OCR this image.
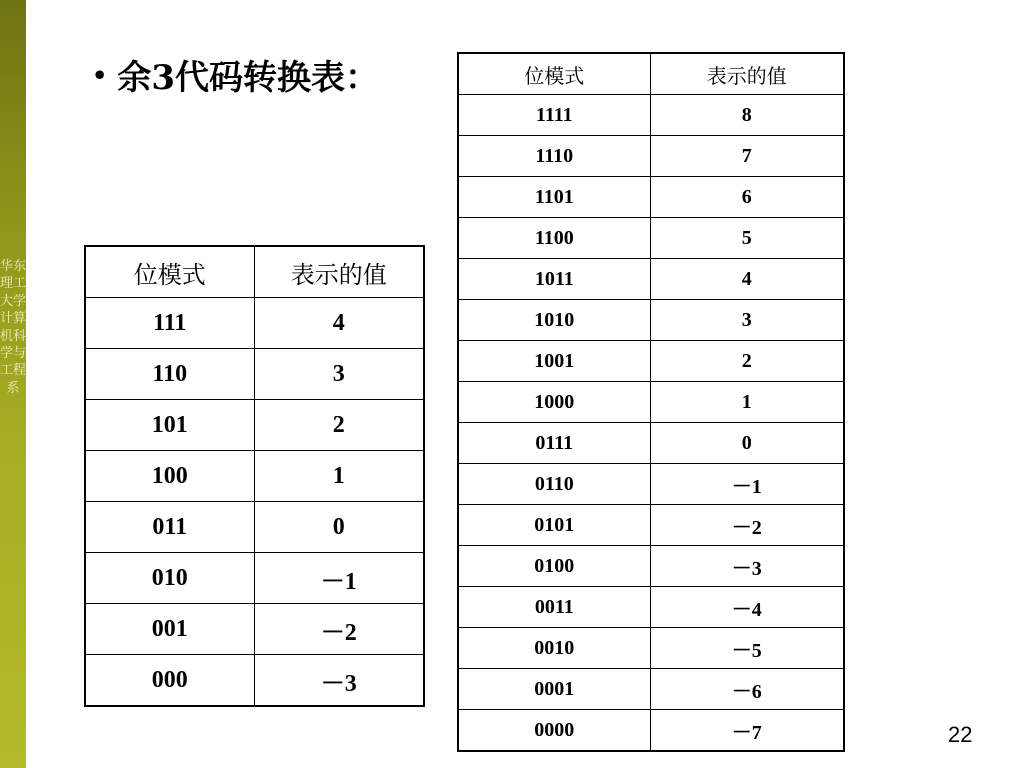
华东理工大学计算机科学与工程系
• 余3代码转换表：
位模式	表示的值
111	4
110	3
101	2
100	1
011	0
010	－1
001	－2
000	－3
位模式	表示的值
1111	8
1110	7
1101	6
1100	5
1011	4
1010	3
1001	2
1000	1
0111	0
0110	－1
0101	－2
0100	－3
0011	－4
0010	－5
0001	－6
0000	－7	22
